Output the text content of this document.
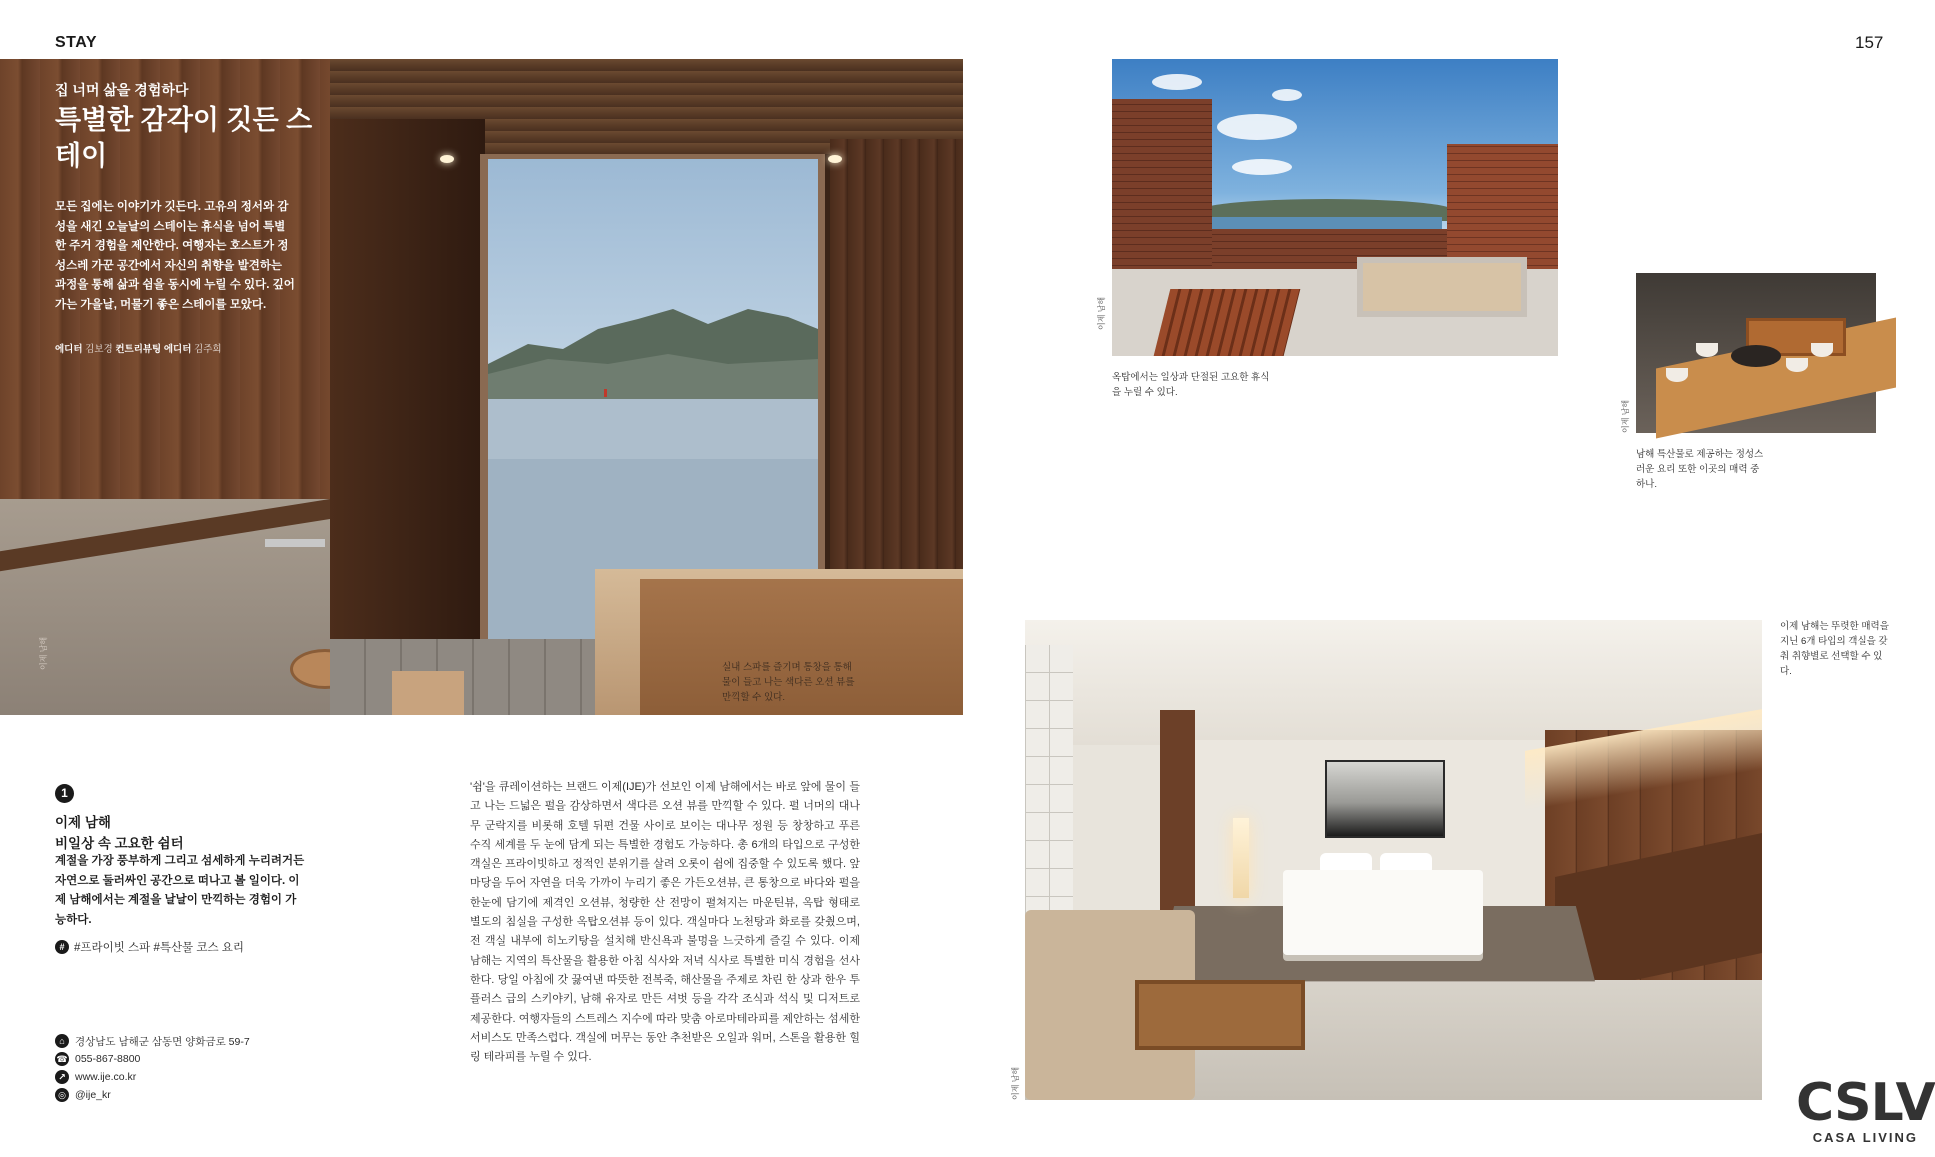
STAY	157
집 너머 삶을 경험하다
특별한 감각이 깃든 스테이
모든 집에는 이야기가 깃든다. 고유의 정서와 감성을 새긴 오늘날의 스테이는 휴식을 넘어 특별한 주거 경험을 제안한다. 여행자는 호스트가 정성스레 가꾼 공간에서 자신의 취향을 발견하는 과정을 통해 삶과 쉼을 동시에 누릴 수 있다. 깊어가는 가을날, 머물기 좋은 스테이를 모았다.
에디터 김보경 컨트리뷰팅 에디터 김주희
실내 스파를 즐기며 통창을 통해 물이 들고 나는 색다른 오션 뷰를 만끽할 수 있다.
이제 남해
옥탑에서는 일상과 단절된 고요한 휴식을 누릴 수 있다.
이제 남해
남해 특산물로 제공하는 정성스러운 요리 또한 이곳의 매력 중 하나.
이제 남해
이제 남해는 뚜렷한 매력을 지닌 6개 타입의 객실을 갖춰 취향별로 선택할 수 있다.
이제 남해
1
이제 남해
비일상 속 고요한 쉼터
계절을 가장 풍부하게 그리고 섬세하게 누리려거든 자연으로 둘러싸인 공간으로 떠나고 볼 일이다. 이제 남해에서는 계절을 날날이 만끽하는 경험이 가능하다.
# #프라이빗 스파 #특산물 코스 요리
'쉼'을 큐레이션하는 브랜드 이제(IJE)가 선보인 이제 남해에서는 바로 앞에 물이 들고 나는 드넓은 펄을 감상하면서 색다른 오션 뷰를 만끽할 수 있다. 펄 너머의 대나무 군락지를 비롯해 호텔 뒤편 건물 사이로 보이는 대나무 정원 등 창창하고 푸른 수직 세계를 두 눈에 담게 되는 특별한 경험도 가능하다. 총 6개의 타입으로 구성한 객실은 프라이빗하고 정적인 분위기를 살려 오롯이 쉼에 집중할 수 있도록 했다. 앞마당을 두어 자연을 더욱 가까이 누리기 좋은 가든오션뷰, 큰 통창으로 바다와 펄을 한눈에 담기에 제격인 오션뷰, 청량한 산 전망이 펼쳐지는 마운틴뷰, 옥탑 형태로 별도의 침실을 구성한 옥탑오션뷰 등이 있다. 객실마다 노천탕과 화로를 갖췄으며, 전 객실 내부에 히노키탕을 설치해 반신욕과 불멍을 느긋하게 즐길 수 있다. 이제 남해는 지역의 특산물을 활용한 아침 식사와 저녁 식사로 특별한 미식 경험을 선사한다. 당일 아침에 갓 끓여낸 따뜻한 전복죽, 해산물을 주제로 차린 한 상과 한우 투 플러스 급의 스키야키, 남해 유자로 만든 셔벗 등을 각각 조식과 석식 및 디저트로 제공한다. 여행자들의 스트레스 지수에 따라 맞춤 아로마테라피를 제안하는 섬세한 서비스도 만족스럽다. 객실에 머무는 동안 추천받은 오일과 워머, 스톤을 활용한 힐링 테라피를 누릴 수 있다.
⌂ 경상남도 남해군 삼동면 양화금로 59-7
☎ 055-867-8800
↗ www.ije.co.kr
◎ @ije_kr	CSLV
CASA LIVING
